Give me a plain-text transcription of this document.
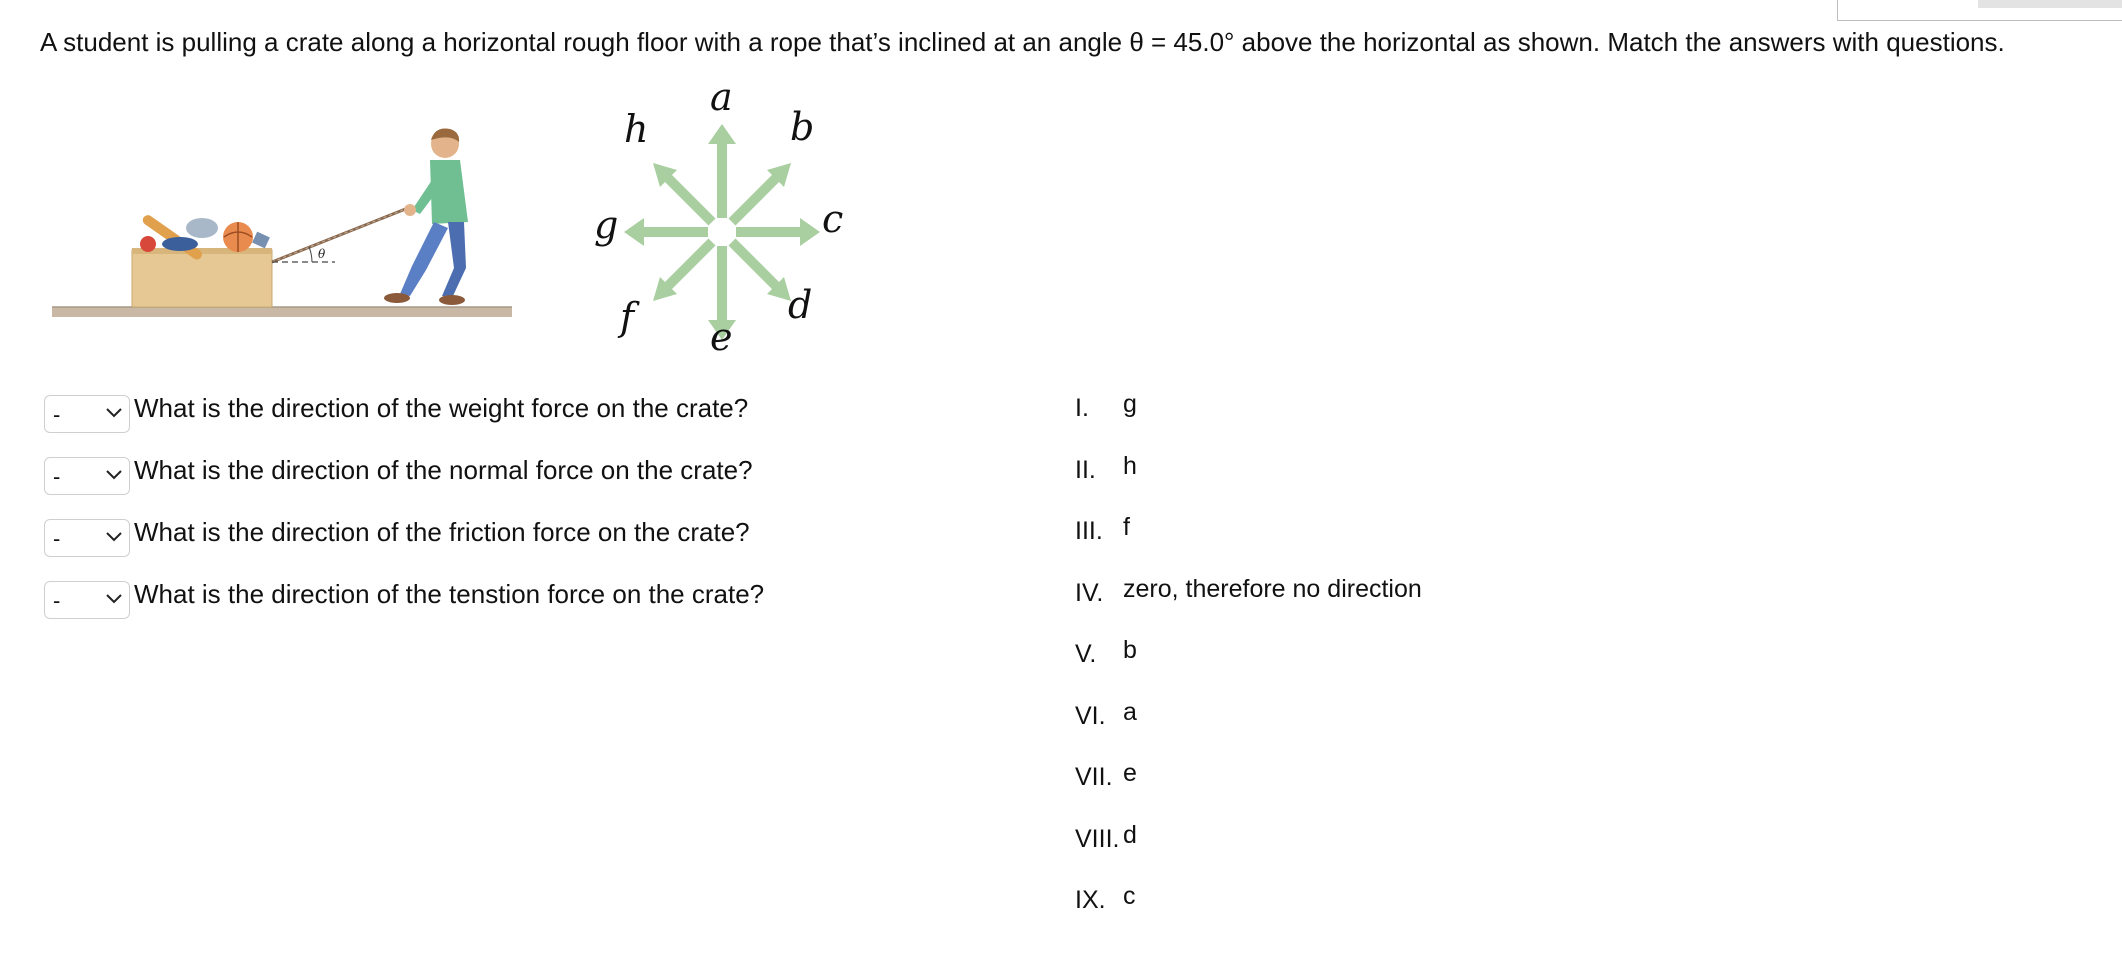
A student is pulling a crate along a horizontal rough floor with a rope that’s inclined at an angle θ = 45.0° above the horizontal as shown. Match the answers with questions.
θ
a
b
c
d
e
f
g
h
-	What is the direction of the weight force on the crate?
-	What is the direction of the normal force on the crate?
-	What is the direction of the friction force on the crate?
-	What is the direction of the tenstion force on the crate?
I.	g
II.	h
III. f
IV. zero, therefore no direction
V.	b
VI. a
VII. e
VIII. d
IX. c
